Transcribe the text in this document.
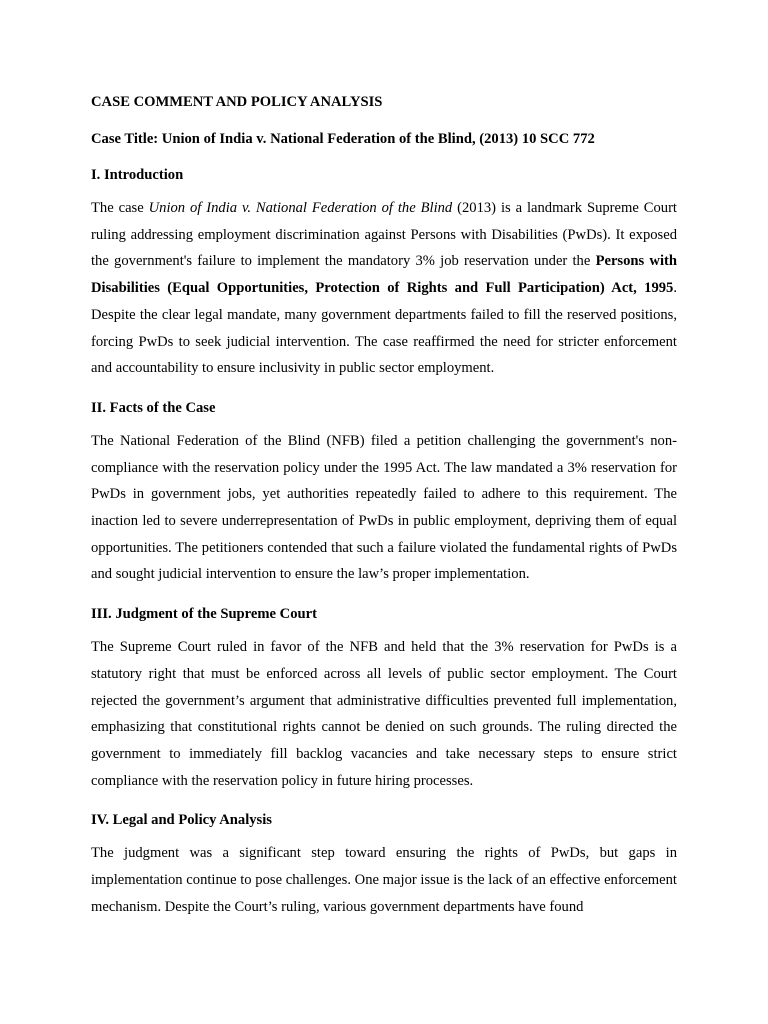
CASE COMMENT AND POLICY ANALYSIS

Case Title: Union of India v. National Federation of the Blind, (2013) 10 SCC 772

I. Introduction

The case Union of India v. National Federation of the Blind (2013) is a landmark Supreme Court ruling addressing employment discrimination against Persons with Disabilities (PwDs). It exposed the government's failure to implement the mandatory 3% job reservation under the Persons with Disabilities (Equal Opportunities, Protection of Rights and Full Participation) Act, 1995. Despite the clear legal mandate, many government departments failed to fill the reserved positions, forcing PwDs to seek judicial intervention. The case reaffirmed the need for stricter enforcement and accountability to ensure inclusivity in public sector employment.

II. Facts of the Case

The National Federation of the Blind (NFB) filed a petition challenging the government's non-compliance with the reservation policy under the 1995 Act. The law mandated a 3% reservation for PwDs in government jobs, yet authorities repeatedly failed to adhere to this requirement. The inaction led to severe underrepresentation of PwDs in public employment, depriving them of equal opportunities. The petitioners contended that such a failure violated the fundamental rights of PwDs and sought judicial intervention to ensure the law’s proper implementation.

III. Judgment of the Supreme Court

The Supreme Court ruled in favor of the NFB and held that the 3% reservation for PwDs is a statutory right that must be enforced across all levels of public sector employment. The Court rejected the government’s argument that administrative difficulties prevented full implementation, emphasizing that constitutional rights cannot be denied on such grounds. The ruling directed the government to immediately fill backlog vacancies and take necessary steps to ensure strict compliance with the reservation policy in future hiring processes.

IV. Legal and Policy Analysis

The judgment was a significant step toward ensuring the rights of PwDs, but gaps in implementation continue to pose challenges. One major issue is the lack of an effective enforcement mechanism. Despite the Court’s ruling, various government departments have found
